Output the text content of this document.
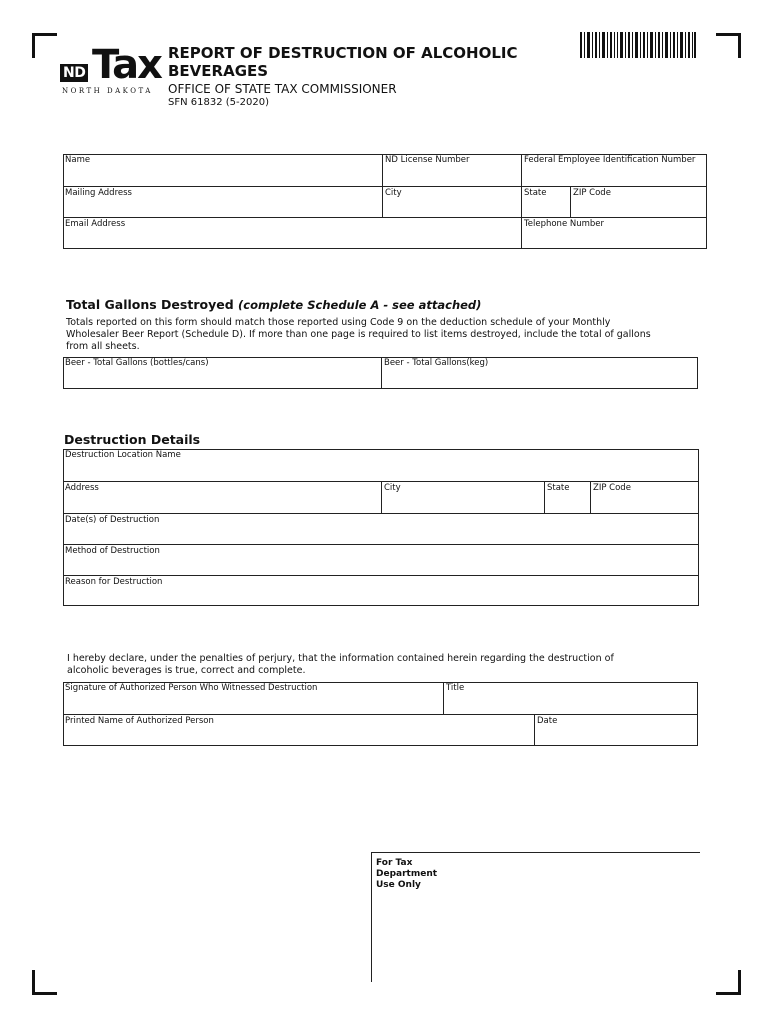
ND Tax
NORTH DAKOTA
REPORT OF DESTRUCTION OF ALCOHOLIC
BEVERAGES
OFFICE OF STATE TAX COMMISSIONER
SFN 61832 (5-2020)
Name	ND License Number	Federal Employee Identification Number
Mailing Address	City	State	ZIP Code
Email Address	Telephone Number
Total Gallons Destroyed (complete Schedule A - see attached)
Totals reported on this form should match those reported using Code 9 on the deduction schedule of your Monthly
Wholesaler Beer Report (Schedule D). If more than one page is required to list items destroyed, include the total of gallons
from all sheets.
Beer - Total Gallons (bottles/cans)	Beer - Total Gallons(keg)
Destruction Details
Destruction Location Name
Address	City	State	ZIP Code
Date(s) of Destruction
Method of Destruction
Reason for Destruction
I hereby declare, under the penalties of perjury, that the information contained herein regarding the destruction of
alcoholic beverages is true, correct and complete.
Signature of Authorized Person Who Witnessed Destruction	Title
Printed Name of Authorized Person	Date
For Tax Department Use Only
